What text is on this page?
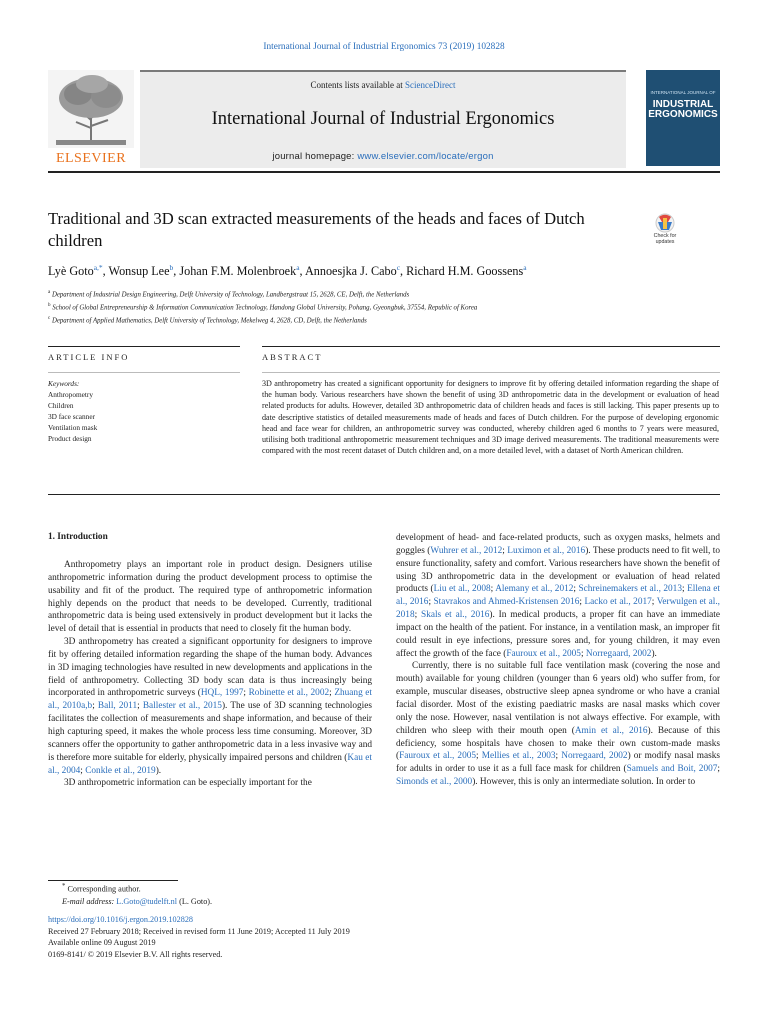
International Journal of Industrial Ergonomics 73 (2019) 102828
ELSEVIER
Contents lists available at ScienceDirect
International Journal of Industrial Ergonomics
journal homepage: www.elsevier.com/locate/ergon
INTERNATIONAL JOURNAL OF
INDUSTRIAL
ERGONOMICS
Traditional and 3D scan extracted measurements of the heads and faces of Dutch children	Check for
updates
Lyè Goto$^{a,*}$, Wonsup Lee$^b$, Johan F.M. Molenbroek$^a$, Annoesjka J. Cabo$^c$, Richard H.M. Goossens$^a$
$^a$ Department of Industrial Design Engineering, Delft University of Technology, Landbergstraat 15, 2628, CE, Delft, the Netherlands
$^b$ School of Global Entrepreneurship & Information Communication Technology, Handong Global University, Pohang, Gyeongbuk, 37554, Republic of Korea
$^c$ Department of Applied Mathematics, Delft University of Technology, Mekelweg 4, 2628, CD, Delft, the Netherlands
ARTICLE INFO	ABSTRACT
Keywords:
Anthropometry
Children
3D face scanner
Ventilation mask
Product design
3D anthropometry has created a significant opportunity for designers to improve fit by offering detailed information regarding the shape of the human body. Various researchers have shown the benefit of using 3D anthropometric data in the development or evaluation of head related products for adults. However, detailed 3D anthropometric data of children heads and faces is still lacking. This paper presents up to date descriptive statistics of detailed measurements made of heads and faces of Dutch children. For the purpose of developing ergonomic head and face wear for children, an anthropometric survey was conducted, whereby children aged 6 months to 7 years were measured, utilising both traditional anthropometric measurement techniques and 3D image derived measurements. The traditional measurements were compared with the most recent dataset of Dutch children and, on a more detailed level, with a dataset of North American children.
1. Introduction

Anthropometry plays an important role in product design. Designers utilise anthropometric information during the product development process to optimise the usability and fit of the product. The required type of anthropometric information highly depends on the product that needs to be developed. Currently, traditional anthropometric data is being used extensively in product development but it lacks the level of detail that is essential in products that need to closely fit the human body.

3D anthropometry has created a significant opportunity for designers to improve fit by offering detailed information regarding the shape of the human body. Advances in 3D imaging technologies have resulted in new developments and applications in the field of anthropometry. Collecting 3D body scan data is thus increasingly being incorporated in anthropometric surveys (HQL, 1997; Robinette et al., 2002; Zhuang et al., 2010a,b; Ball, 2011; Ballester et al., 2015). The use of 3D scanning technologies facilitates the collection of measurements and shape information, and because of their high capturing speed, it makes the whole process less time consuming. Moreover, 3D scanners offer the opportunity to gather anthropometric data in a less invasive way and is therefore more suitable for elderly, physically impaired persons and children (Kau et al., 2004; Conkle et al., 2019).

3D anthropometric information can be especially important for the

development of head- and face-related products, such as oxygen masks, helmets and goggles (Wuhrer et al., 2012; Luximon et al., 2016). These products need to fit well, to ensure functionality, safety and comfort. Various researchers have shown the benefit of using 3D anthropometric data in the development or evaluation of head related products (Liu et al., 2008; Alemany et al., 2012; Schreinemakers et al., 2013; Ellena et al., 2016; Stavrakos and Ahmed-Kristensen 2016; Lacko et al., 2017; Verwulgen et al., 2018; Skals et al., 2016). In medical products, a proper fit can have an immediate impact on the health of the patient. For instance, in a ventilation mask, an improper fit could result in eye infections, pressure sores and, for young children, it may even affect the growth of the face (Fauroux et al., 2005; Norregaard, 2002).

Currently, there is no suitable full face ventilation mask (covering the nose and mouth) available for young children (younger than 6 years old) who suffer from, for example, muscular diseases, obstructive sleep apnea syndrome or who have a cranial facial disorder. Most of the existing paediatric masks are nasal masks which cover only the nose. However, nasal ventilation is not always effective. For example, with children who sleep with their mouth open (Amin et al., 2016). Because of this deficiency, some hospitals have chosen to make their own custom-made masks (Fauroux et al., 2005; Mellies et al., 2003; Norregaard, 2002) or modify nasal masks for adults in order to use it as a full face mask for children (Samuels and Boit, 2007; Simonds et al., 2000). However, this is only an intermediate solution. In order to

* Corresponding author.
E-mail address: L.Goto@tudelft.nl (L. Goto).
https://doi.org/10.1016/j.ergon.2019.102828
Received 27 February 2018; Received in revised form 11 June 2019; Accepted 11 July 2019
Available online 09 August 2019
0169-8141/ © 2019 Elsevier B.V. All rights reserved.
